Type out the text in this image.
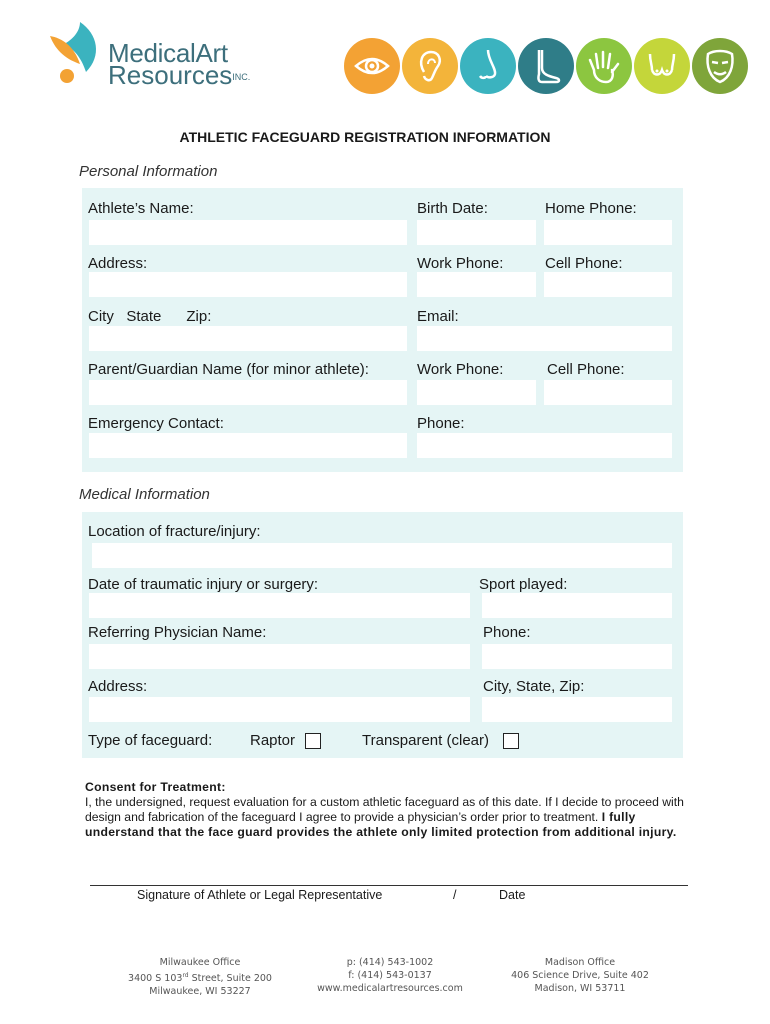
MedicalArt
Resources$^{INC.}$
ATHLETIC FACEGUARD REGISTRATION INFORMATION
Personal Information
Athlete’s Name:	Birth Date:	Home Phone:
Address:	Work Phone:	Cell Phone:
City   State      Zip:	Email:
Parent/Guardian Name (for minor athlete):	Work Phone:	Cell Phone:
Emergency Contact:	Phone:
Medical Information
Location of fracture/injury:
Date of traumatic injury or surgery:	Sport played:
Referring Physician Name:	Phone:
Address:	City, State, Zip:
Type of faceguard:	Raptor	Transparent (clear)
Consent for Treatment:
I, the undersigned, request evaluation for a custom athletic faceguard as of this date. If I decide to proceed with design and fabrication of the faceguard I agree to provide a physician’s order prior to treatment. I fully understand that the face guard provides the athlete only limited protection from additional injury.
Signature of Athlete or Legal Representative	/	Date
Milwaukee Office
3400 S 103rd Street, Suite 200
Milwaukee, WI 53227
p: (414) 543-1002
f: (414) 543-0137
www.medicalartresources.com
Madison Office
406 Science Drive, Suite 402
Madison, WI 53711
